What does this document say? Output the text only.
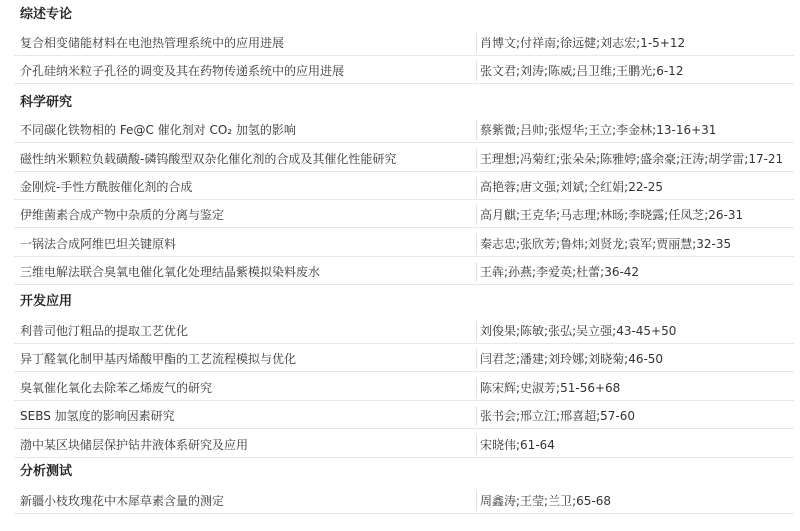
综述专论
复合相变储能材料在电池热管理系统中的应用进展	肖博文;付祥南;徐远健;刘志宏;1-5+12
介孔硅纳米粒子孔径的调变及其在药物传递系统中的应用进展	张文君;刘涛;陈威;吕卫维;王鹏光;6-12
科学研究
不同碳化铁物相的 Fe@C 催化剂对 CO₂ 加氢的影响	蔡紫微;吕帅;张煜华;王立;李金林;13-16+31
磁性纳米颗粒负载磺酸-磷钨酸型双杂化催化剂的合成及其催化性能研究	王理想;冯菊红;张朵朵;陈雅婷;盛余豪;汪涛;胡学雷;17-21
金刚烷-手性方酰胺催化剂的合成	高艳蓉;唐文强;刘斌;仝红娟;22-25
伊维菌素合成产物中杂质的分离与鉴定	高月麒;王克华;马志理;林旸;李晓露;任凤芝;26-31
一锅法合成阿维巴坦关键原料	秦志忠;张欣芳;鲁炜;刘贤龙;袁军;贾丽慧;32-35
三维电解法联合臭氧电催化氧化处理结晶紫模拟染料废水	王犇;孙燕;李爱英;杜蕾;36-42
开发应用
利普司他汀粗品的提取工艺优化	刘俊果;陈敏;张弘;吴立强;43-45+50
异丁醛氧化制甲基丙烯酸甲酯的工艺流程模拟与优化	闫君芝;潘建;刘玲娜;刘晓菊;46-50
臭氧催化氧化去除苯乙烯废气的研究	陈宋辉;史淑芳;51-56+68
SEBS 加氢度的影响因素研究	张书会;邢立江;邢喜超;57-60
渤中某区块储层保护钻井液体系研究及应用	宋晓伟;61-64
分析测试
新疆小枝玫瑰花中木犀草素含量的测定	周鑫涛;王莹;兰卫;65-68
